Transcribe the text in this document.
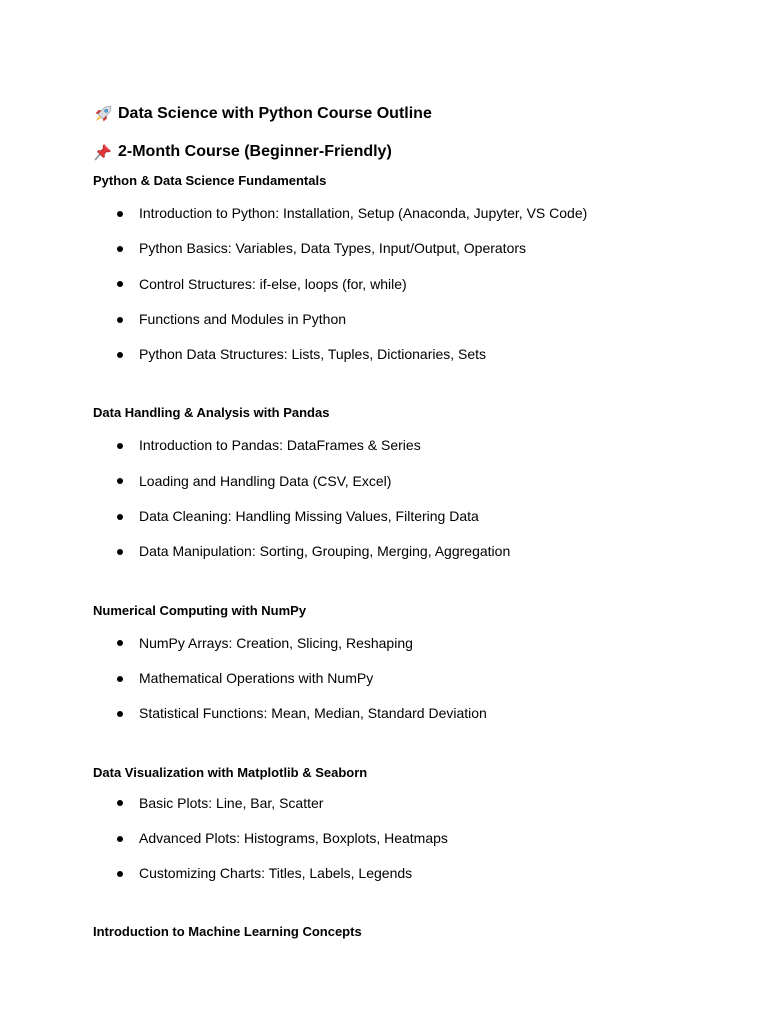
Data Science with Python Course Outline
2-Month Course (Beginner-Friendly)
Python & Data Science Fundamentals
Introduction to Python: Installation, Setup (Anaconda, Jupyter, VS Code)
Python Basics: Variables, Data Types, Input/Output, Operators
Control Structures: if-else, loops (for, while)
Functions and Modules in Python
Python Data Structures: Lists, Tuples, Dictionaries, Sets
Data Handling & Analysis with Pandas
Introduction to Pandas: DataFrames & Series
Loading and Handling Data (CSV, Excel)
Data Cleaning: Handling Missing Values, Filtering Data
Data Manipulation: Sorting, Grouping, Merging, Aggregation
Numerical Computing with NumPy
NumPy Arrays: Creation, Slicing, Reshaping
Mathematical Operations with NumPy
Statistical Functions: Mean, Median, Standard Deviation
Data Visualization with Matplotlib & Seaborn
Basic Plots: Line, Bar, Scatter
Advanced Plots: Histograms, Boxplots, Heatmaps
Customizing Charts: Titles, Labels, Legends
Introduction to Machine Learning Concepts
